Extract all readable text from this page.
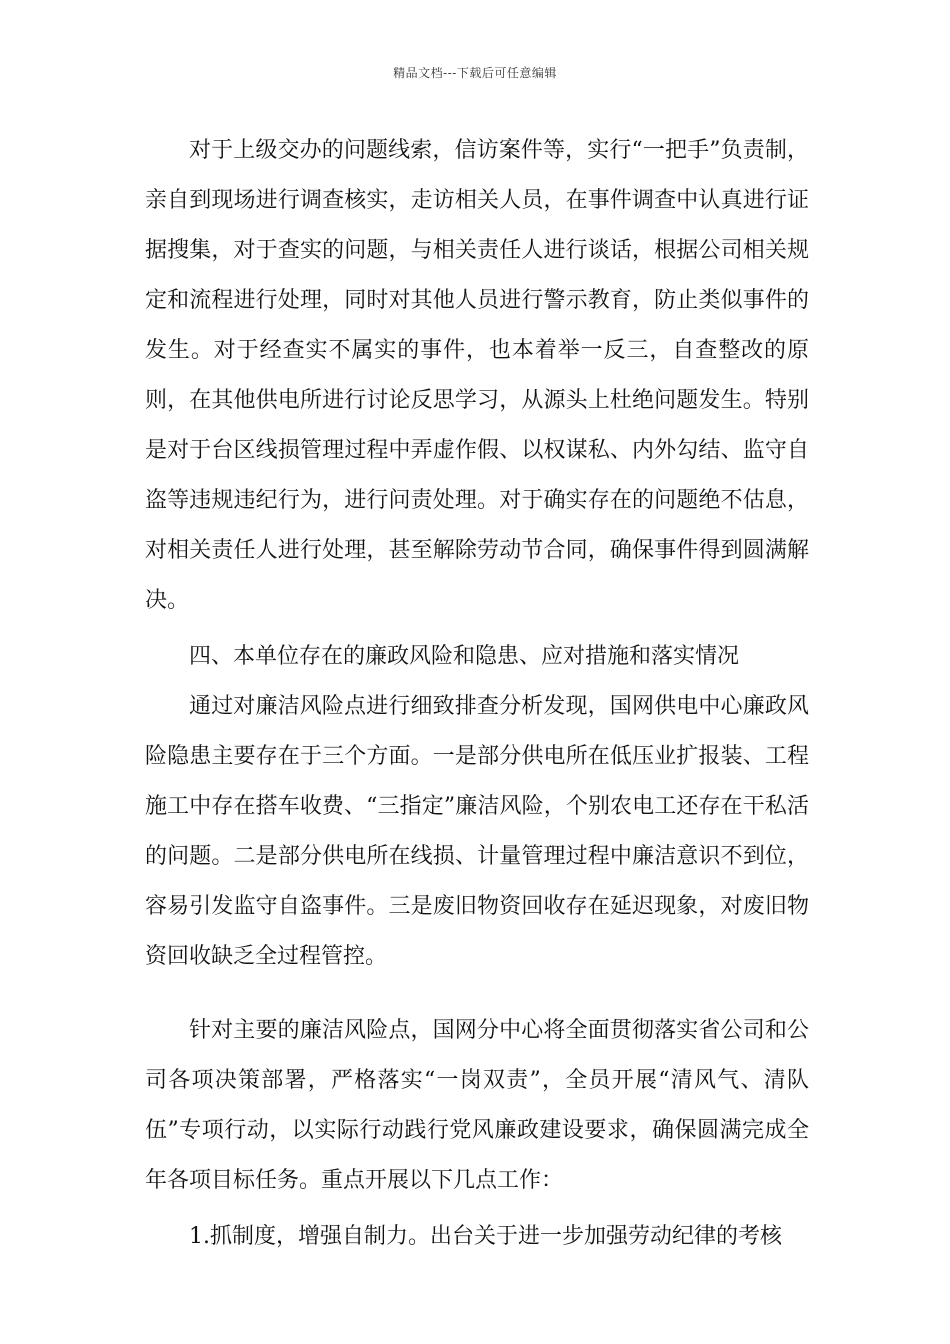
精品文档---下载后可任意编辑

对于上级交办的问题线索，信访案件等，实行“一把手”负责制，亲自到现场进行调查核实，走访相关人员，在事件调查中认真进行证据搜集，对于查实的问题，与相关责任人进行谈话，根据公司相关规定和流程进行处理，同时对其他人员进行警示教育，防止类似事件的发生。对于经查实不属实的事件，也本着举一反三，自查整改的原则，在其他供电所进行讨论反思学习，从源头上杜绝问题发生。特别是对于台区线损管理过程中弄虚作假、以权谋私、内外勾结、监守自盗等违规违纪行为，进行问责处理。对于确实存在的问题绝不估息，对相关责任人进行处理，甚至解除劳动节合同，确保事件得到圆满解决。

四、本单位存在的廉政风险和隐患、应对措施和落实情况

通过对廉洁风险点进行细致排查分析发现，国网供电中心廉政风险隐患主要存在于三个方面。一是部分供电所在低压业扩报装、工程施工中存在搭车收费、“三指定”廉洁风险，个别农电工还存在干私活的问题。二是部分供电所在线损、计量管理过程中廉洁意识不到位，容易引发监守自盗事件。三是废旧物资回收存在延迟现象，对废旧物资回收缺乏全过程管控。

针对主要的廉洁风险点，国网分中心将全面贯彻落实省公司和公司各项决策部署，严格落实“一岗双责”，全员开展“清风气、清队伍”专项行动，以实际行动践行党风廉政建设要求，确保圆满完成全年各项目标任务。重点开展以下几点工作：

1.抓制度，增强自制力。出台关于进一步加强劳动纪律的考核
